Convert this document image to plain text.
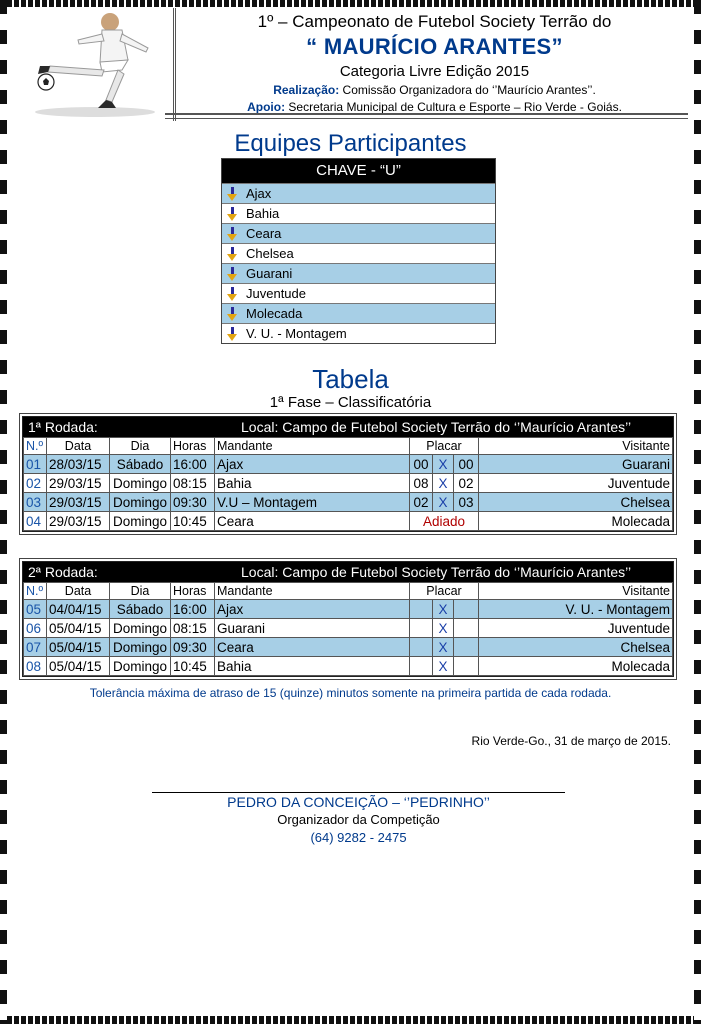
1º – Campeonato de Futebol Society Terrão do
“ MAURÍCIO ARANTES”
Categoria Livre Edição 2015
Realização: Comissão Organizadora do ‘’Maurício Arantes’’.
Apoio: Secretaria Municipal de Cultura e Esporte – Rio Verde - Goiás.
Equipes Participantes
CHAVE - “U”
Ajax
Bahia
Ceara
Chelsea
Guarani
Juventude
Molecada
V. U. - Montagem
Tabela
1ª Fase – Classificatória
1ª Rodada:	Local: Campo de Futebol Society Terrão do ‘’Maurício Arantes’’
N.º	Data	Dia	Horas	Mandante	Placar			Visitante
01	28/03/15	Sábado	16:00	Ajax	00	X	00	Guarani
02	29/03/15	Domingo	08:15	Bahia	08	X	02	Juventude
03	29/03/15	Domingo	09:30	V.U – Montagem	02	X	03	Chelsea
04	29/03/15	Domingo	10:45	Ceara	Adiado			Molecada
2ª Rodada:	Local: Campo de Futebol Society Terrão do ‘’Maurício Arantes’’
N.º	Data	Dia	Horas	Mandante	Placar			Visitante
05	04/04/15	Sábado	16:00	Ajax		X		V. U. - Montagem
06	05/04/15	Domingo	08:15	Guarani		X		Juventude
07	05/04/15	Domingo	09:30	Ceara		X		Chelsea
08	05/04/15	Domingo	10:45	Bahia		X		Molecada
Tolerância máxima de atraso de 15 (quinze) minutos somente na primeira partida de cada rodada.
Rio Verde-Go., 31 de março de 2015.
PEDRO DA CONCEIÇÃO – ‘’PEDRINHO’’
Organizador da Competição
(64) 9282 - 2475
